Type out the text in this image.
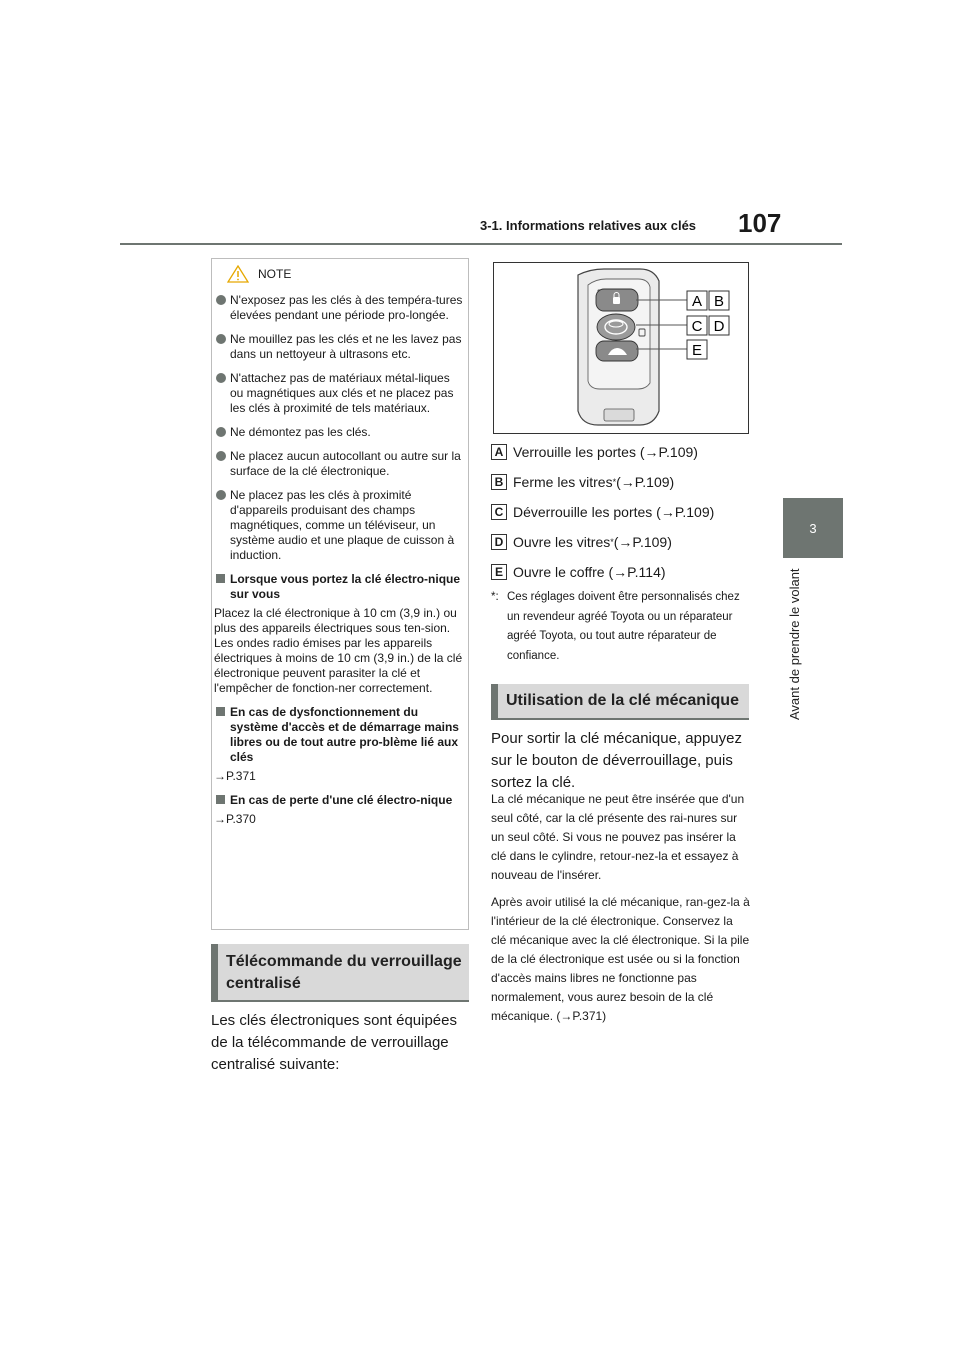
3-1. Informations relatives aux clés 107
3
Avant de prendre le volant
NOTE
N'exposez pas les clés à des tempéra-tures élevées pendant une période pro-longée.
Ne mouillez pas les clés et ne les lavez pas dans un nettoyeur à ultrasons etc.
N'attachez pas de matériaux métal-liques ou magnétiques aux clés et ne placez pas les clés à proximité de tels matériaux.
Ne démontez pas les clés.
Ne placez aucun autocollant ou autre sur la surface de la clé électronique.
Ne placez pas les clés à proximité d'appareils produisant des champs magnétiques, comme un téléviseur, un système audio et une plaque de cuisson à induction.
Lorsque vous portez la clé électro-nique sur vous
Placez la clé électronique à 10 cm (3,9 in.) ou plus des appareils électriques sous ten-sion. Les ondes radio émises par les appareils électriques à moins de 10 cm (3,9 in.) de la clé électronique peuvent parasiter la clé et l'empêcher de fonction-ner correctement.
En cas de dysfonctionnement du système d'accès et de démarrage mains libres ou de tout autre pro-blème lié aux clés
→P.371
En cas de perte d'une clé électro-nique
→P.370
Télécommande du verrouillage centralisé
Les clés électroniques sont équipées de la télécommande de verrouillage centralisé suivante:
A B
C D
E
A Verrouille les portes (→P.109)
B Ferme les vitres * (→P.109)
C Déverrouille les portes (→P.109)
D Ouvre les vitres * (→P.109)
E Ouvre le coffre (→P.114)
*: Ces réglages doivent être personnalisés chez un revendeur agréé Toyota ou un réparateur agréé Toyota, ou tout autre réparateur de confiance.
Utilisation de la clé mécanique
Pour sortir la clé mécanique, appuyez sur le bouton de déverrouillage, puis sortez la clé.
La clé mécanique ne peut être insérée que d'un seul côté, car la clé présente des rai-nures sur un seul côté. Si vous ne pouvez pas insérer la clé dans le cylindre, retour-nez-la et essayez à nouveau de l'insérer.
Après avoir utilisé la clé mécanique, ran-gez-la à l'intérieur de la clé électronique. Conservez la clé mécanique avec la clé électronique. Si la pile de la clé électronique est usée ou si la fonction d'accès mains libres ne fonctionne pas normalement, vous aurez besoin de la clé mécanique. (→P.371)
